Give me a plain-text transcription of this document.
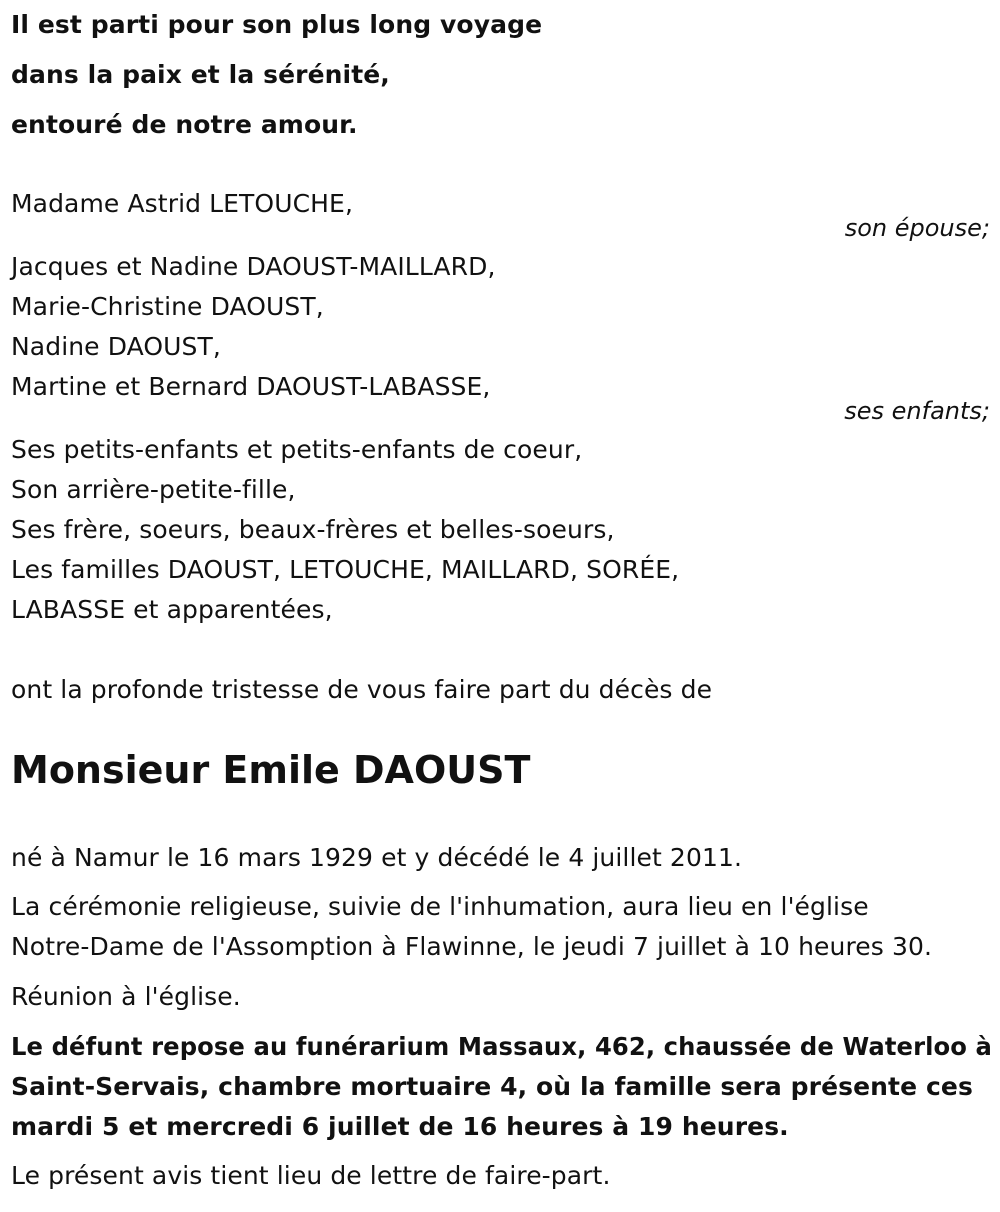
Il est parti pour son plus long voyage
dans la paix et la sérénité,
entouré de notre amour.
Madame Astrid LETOUCHE,
son épouse;
Jacques et Nadine DAOUST-MAILLARD,
Marie-Christine DAOUST,
Nadine DAOUST,
Martine et Bernard DAOUST-LABASSE,
ses enfants;
Ses petits-enfants et petits-enfants de coeur,
Son arrière-petite-fille,
Ses frère, soeurs, beaux-frères et belles-soeurs,
Les familles DAOUST, LETOUCHE, MAILLARD, SORÉE,
LABASSE et apparentées,
ont la profonde tristesse de vous faire part du décès de
Monsieur Emile DAOUST
né à Namur le 16 mars 1929 et y décédé le 4 juillet 2011.
La cérémonie religieuse, suivie de l'inhumation, aura lieu en l'église
Notre-Dame de l'Assomption à Flawinne, le jeudi 7 juillet à 10 heures 30.
Réunion à l'église.
Le défunt repose au funérarium Massaux, 462, chaussée de Waterloo à
Saint-Servais, chambre mortuaire 4, où la famille sera présente ces
mardi 5 et mercredi 6 juillet de 16 heures à 19 heures.
Le présent avis tient lieu de lettre de faire-part.
